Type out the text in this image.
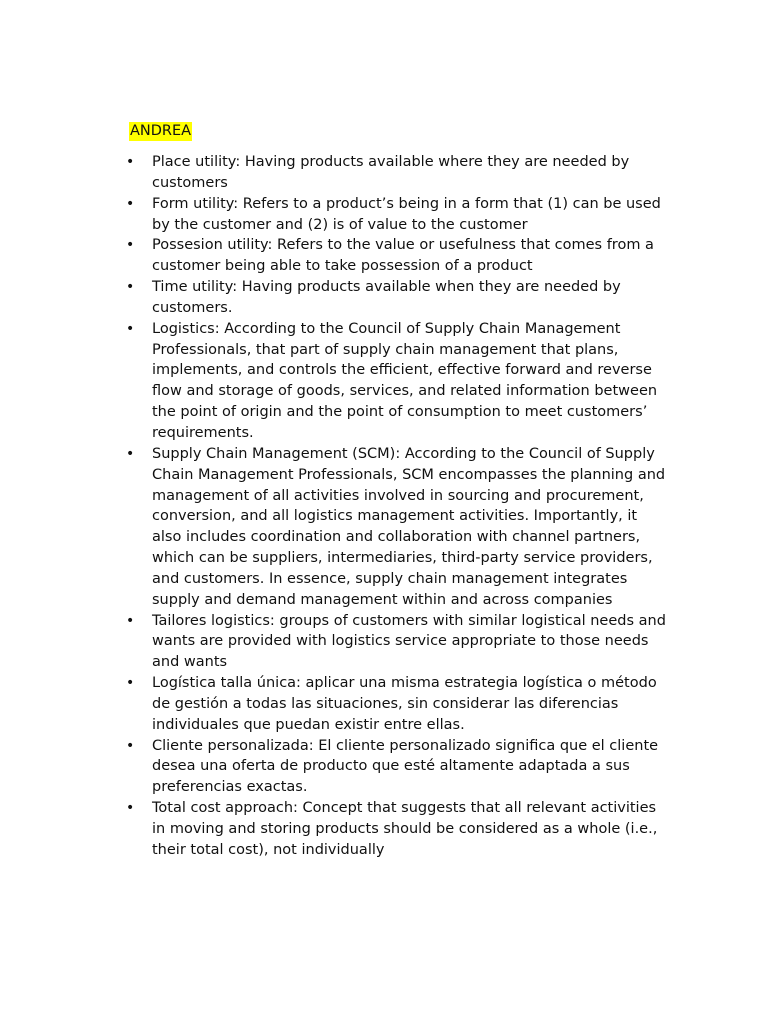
ANDREA

• Place utility: Having products available where they are needed by customers
• Form utility: Refers to a product’s being in a form that (1) can be used by the customer and (2) is of value to the customer
• Possesion utility: Refers to the value or usefulness that comes from a customer being able to take possession of a product
• Time utility: Having products available when they are needed by customers.
• Logistics: According to the Council of Supply Chain Management Professionals, that part of supply chain management that plans, implements, and controls the efficient, effective forward and reverse flow and storage of goods, services, and related information between the point of origin and the point of consumption to meet customers’ requirements.
• Supply Chain Management (SCM): According to the Council of Supply Chain Management Professionals, SCM encompasses the planning and management of all activities involved in sourcing and procurement, conversion, and all logistics management activities. Importantly, it also includes coordination and collaboration with channel partners, which can be suppliers, intermediaries, third-party service providers, and customers. In essence, supply chain management integrates supply and demand management within and across companies
• Tailores logistics: groups of customers with similar logistical needs and wants are provided with logistics service appropriate to those needs and wants
• Logística talla única: aplicar una misma estrategia logística o método de gestión a todas las situaciones, sin considerar las diferencias individuales que puedan existir entre ellas.
• Cliente personalizada: El cliente personalizado significa que el cliente desea una oferta de producto que esté altamente adaptada a sus preferencias exactas.
• Total cost approach: Concept that suggests that all relevant activities in moving and storing products should be considered as a whole (i.e., their total cost), not individually
